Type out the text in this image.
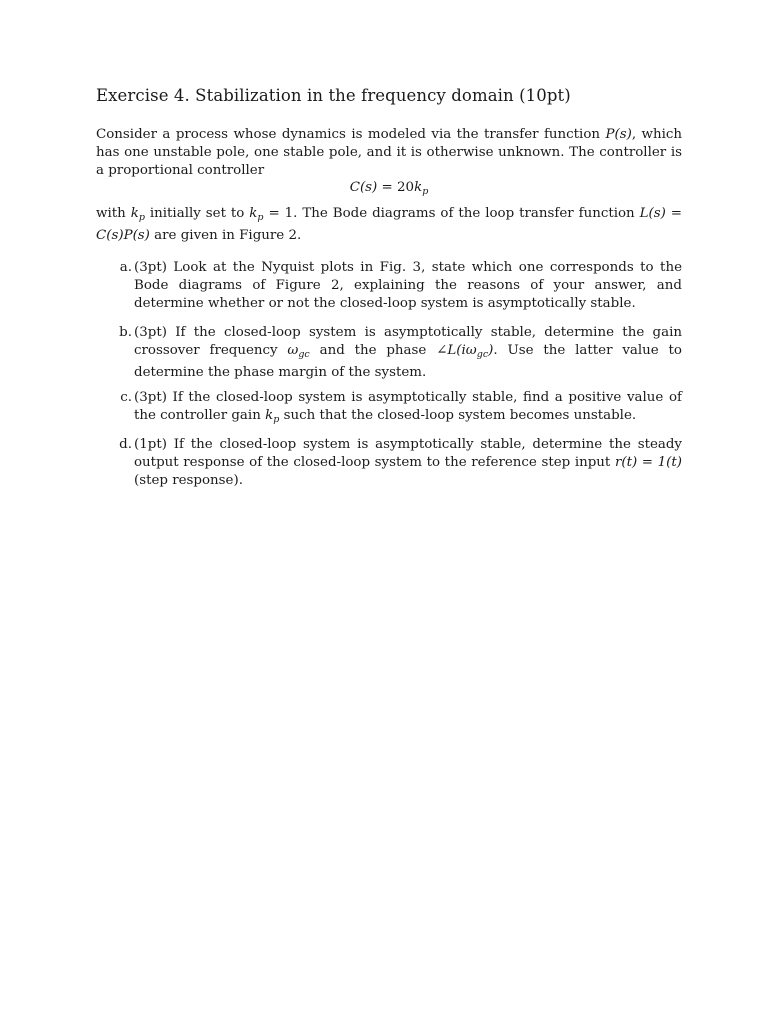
Exercise 4. Stabilization in the frequency domain (10pt)
Consider a process whose dynamics is modeled via the transfer function P(s), which has one unstable pole, one stable pole, and it is otherwise unknown. The controller is a proportional controller
$C(s) = 20k_p$
with $k_p$ initially set to $k_p = 1$. The Bode diagrams of the loop transfer function L(s) = C(s)P(s) are given in Figure 2.
a. (3pt) Look at the Nyquist plots in Fig. 3, state which one corresponds to the Bode diagrams of Figure 2, explaining the reasons of your answer, and determine whether or not the closed-loop system is asymptotically stable.
b. (3pt) If the closed-loop system is asymptotically stable, determine the gain crossover frequency $\omega_{gc}$ and the phase $\angle L(i\omega_{gc})$. Use the latter value to determine the phase margin of the system.
c. (3pt) If the closed-loop system is asymptotically stable, find a positive value of the controller gain $k_p$ such that the closed-loop system becomes unstable.
d. (1pt) If the closed-loop system is asymptotically stable, determine the steady output response of the closed-loop system to the reference step input r(t) = 1(t) (step response).
